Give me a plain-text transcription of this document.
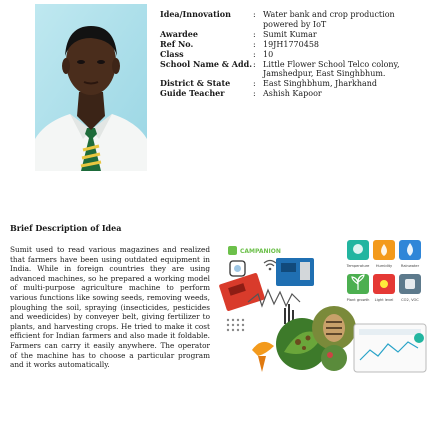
Idea/Innovation	: Water bank and crop production powered by IoT
Awardee	: Sumit Kumar
Ref No.	: 19JH1770458
Class	: 10
School Name & Add. : Little Flower School Telco colony, Jamshedpur, East Singhbhum.
District & State	: East Singhbhum, Jharkhand
Guide Teacher	: Ashish Kapoor
Brief Description of Idea
Sumit used to read various magazines and realized that farmers have been using outdated equipment in India. While in foreign countries they are using advanced machines, so he prepared a working model of multi-purpose agriculture machine to perform various functions like sowing seeds, removing weeds, ploughing the soil, spraying (insecticides, pesticides and weedicides) by conveyer belt, giving fertilizer to plants, and harvesting crops. He tried to make it cost efficient for Indian farmers and also made it foldable. Farmers can carry it easily anywhere. The operator of the machine has to choose a particular program and it works automatically.
CAMPANION
Temperature Humidity Rainwater
Plant growth Light level CO2, VOC
